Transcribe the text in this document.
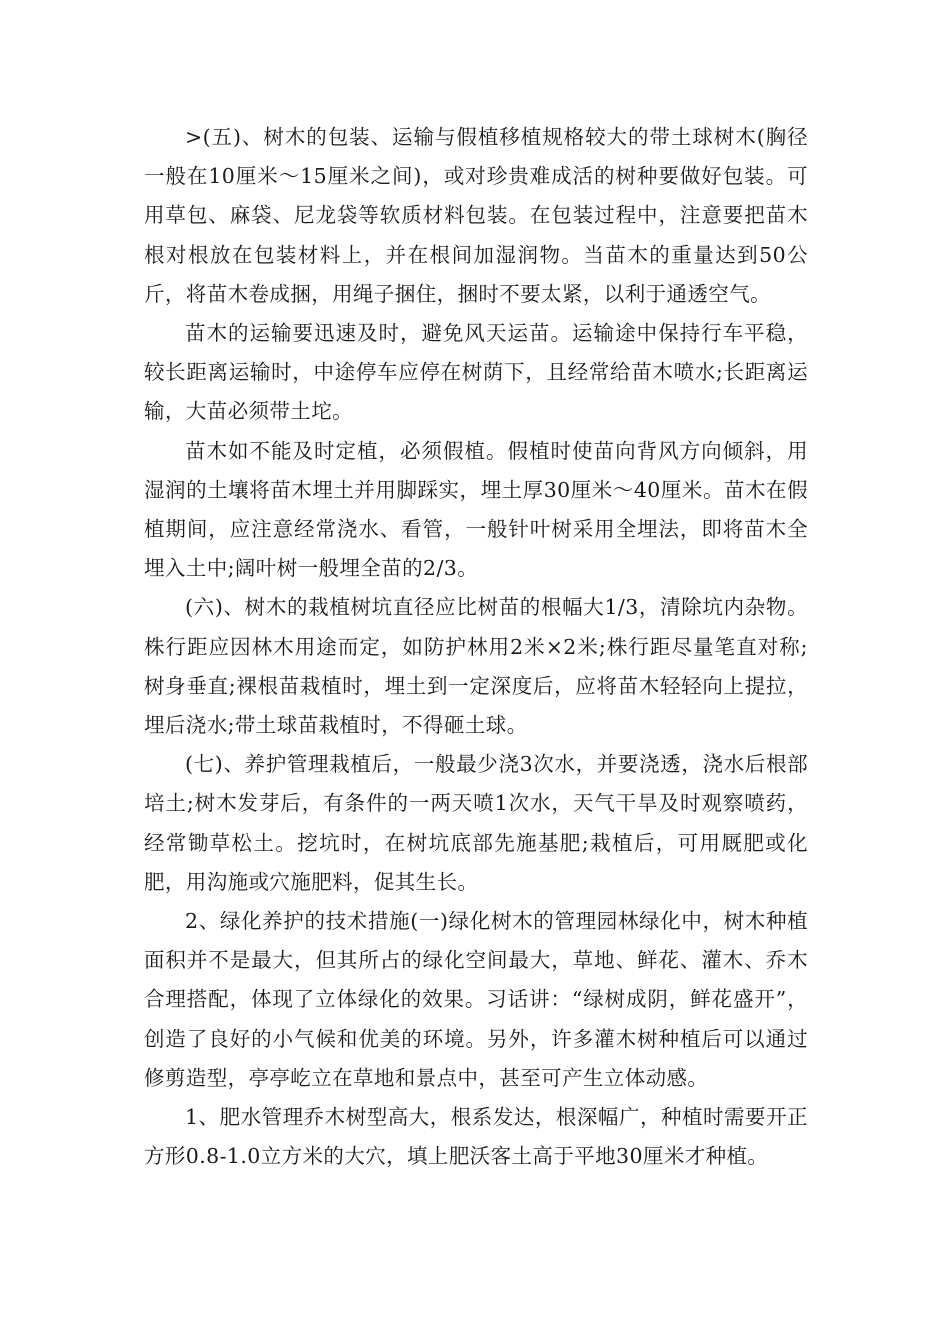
>(五)、树木的包装、运输与假植移植规格较大的带土球树木(胸径一般在10厘米～15厘米之间)，或对珍贵难成活的树种要做好包装。可用草包、麻袋、尼龙袋等软质材料包装。在包装过程中，注意要把苗木根对根放在包装材料上，并在根间加湿润物。当苗木的重量达到50公斤，将苗木卷成捆，用绳子捆住，捆时不要太紧，以利于通透空气。

苗木的运输要迅速及时，避免风天运苗。运输途中保持行车平稳，较长距离运输时，中途停车应停在树荫下，且经常给苗木喷水;长距离运输，大苗必须带土坨。

苗木如不能及时定植，必须假植。假植时使苗向背风方向倾斜，用湿润的土壤将苗木埋土并用脚踩实，埋土厚30厘米～40厘米。苗木在假植期间，应注意经常浇水、看管，一般针叶树采用全埋法，即将苗木全埋入土中;阔叶树一般埋全苗的2/3。

(六)、树木的栽植树坑直径应比树苗的根幅大1/3，清除坑内杂物。株行距应因林木用途而定，如防护林用2米×2米;株行距尽量笔直对称;树身垂直;裸根苗栽植时，埋土到一定深度后，应将苗木轻轻向上提拉，埋后浇水;带土球苗栽植时，不得砸土球。

(七)、养护管理栽植后，一般最少浇3次水，并要浇透，浇水后根部培土;树木发芽后，有条件的一两天喷1次水，天气干旱及时观察喷药，经常锄草松土。挖坑时，在树坑底部先施基肥;栽植后，可用厩肥或化肥，用沟施或穴施肥料，促其生长。

2、绿化养护的技术措施(一)绿化树木的管理园林绿化中，树木种植面积并不是最大，但其所占的绿化空间最大，草地、鲜花、灌木、乔木合理搭配，体现了立体绿化的效果。习话讲：“绿树成阴，鲜花盛开”，创造了良好的小气候和优美的环境。另外，许多灌木树种植后可以通过修剪造型，亭亭屹立在草地和景点中，甚至可产生立体动感。

1、肥水管理乔木树型高大，根系发达，根深幅广，种植时需要开正方形0.8-1.0立方米的大穴，填上肥沃客土高于平地30厘米才种植。
